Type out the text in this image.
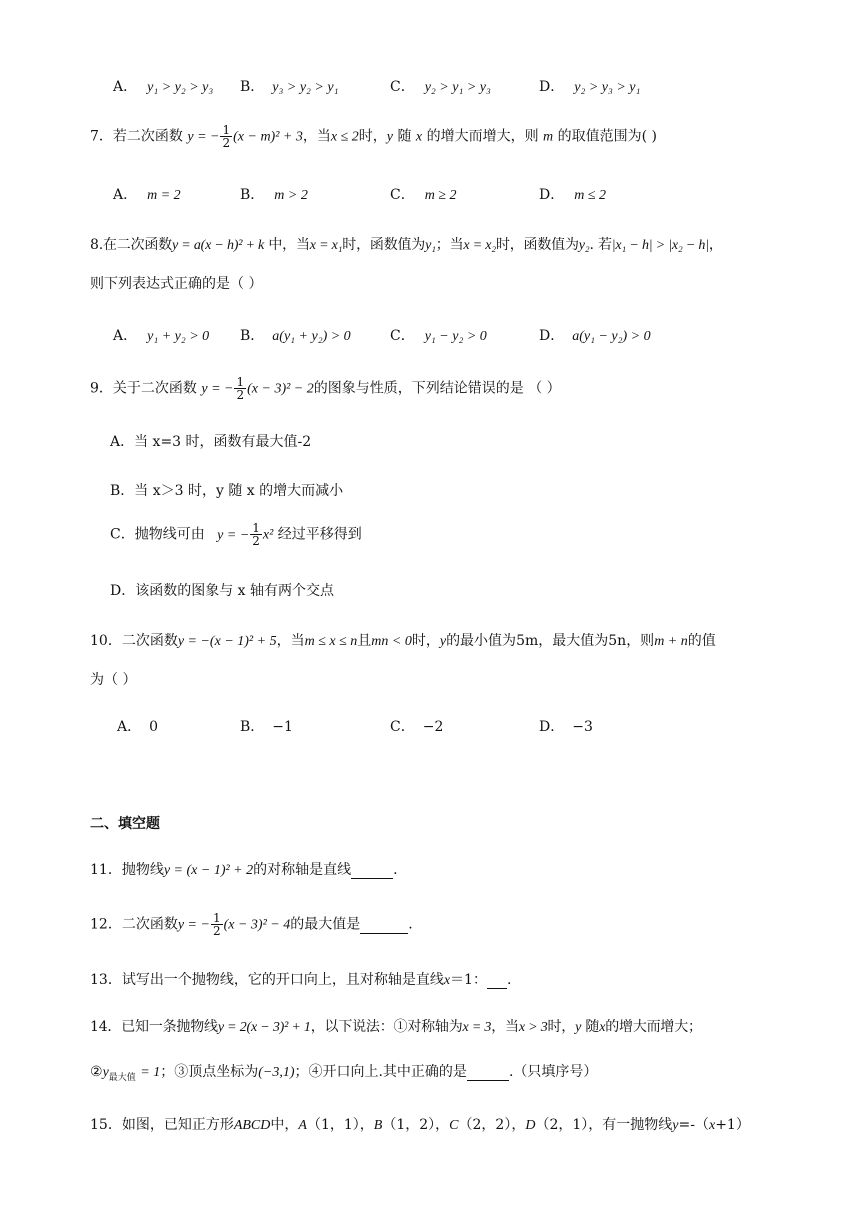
A． y₁ > y₂ > y₃ B． y₃ > y₂ > y₁	C． y₂ > y₁ > y₃	D． y₂ > y₃ > y₁
7．若二次函数 y = − $\frac{1}{2} (x - m)^2 + 3$，当x ≤ 2时，y 随 x 的增大而增大，则 m 的取值范围为( )
A． m = 2	B． m > 2	C． m ≥ 2	D． m ≤ 2
8.在二次函数y = a(x − h)² + k 中，当x = x₁时，函数值为y₁；当x = x₂时，函数值为y₂. 若|x₁ − h| > |x₂ − h|，
则下列表达式正确的是（ ）
A． y₁ + y₂ > 0 B． a(y₁ + y₂) > 0	C． y₁ − y₂ > 0	D． a(y₁ − y₂) > 0
9．关于二次函数 y = − $\frac{1}{2} (x - 3)^2 - 2$的图象与性质，下列结论错误的是 （ ）
A．当 x=3 时，函数有最大值-2
B．当 x＞3 时，y 随 x 的增大而减小
C．抛物线可由 y = − $\frac{1}{2} x^2$ 经过平移得到
D．该函数的图象与 x 轴有两个交点
10．二次函数y = −(x − 1)² + 5，当m ≤ x ≤ n且mn < 0时，y的最小值为5m，最大值为5n，则m + n的值
为（ ）
A． 0	B． −1	C． −2	D． −3
二、填空题
11．抛物线y = (x − 1)² + 2的对称轴是直线	.
12．二次函数y = − $\frac{1}{2} (x - 3)^2 - 4$的最大值是	.
13．试写出一个抛物线，它的开口向上，且对称轴是直线x＝1： .
14．已知一条抛物线y = 2(x − 3)² + 1，以下说法：①对称轴为x = 3，当x > 3时，y 随x的增大而增大；
$②y_{最大值} = 1$；③顶点坐标为(−3,1)；④开口向上.其中正确的是	.（只填序号）
15．如图，已知正方形ABCD中，A（1，1），B（1，2），C（2，2），D（2，1），有一抛物线y=-（x+1）
